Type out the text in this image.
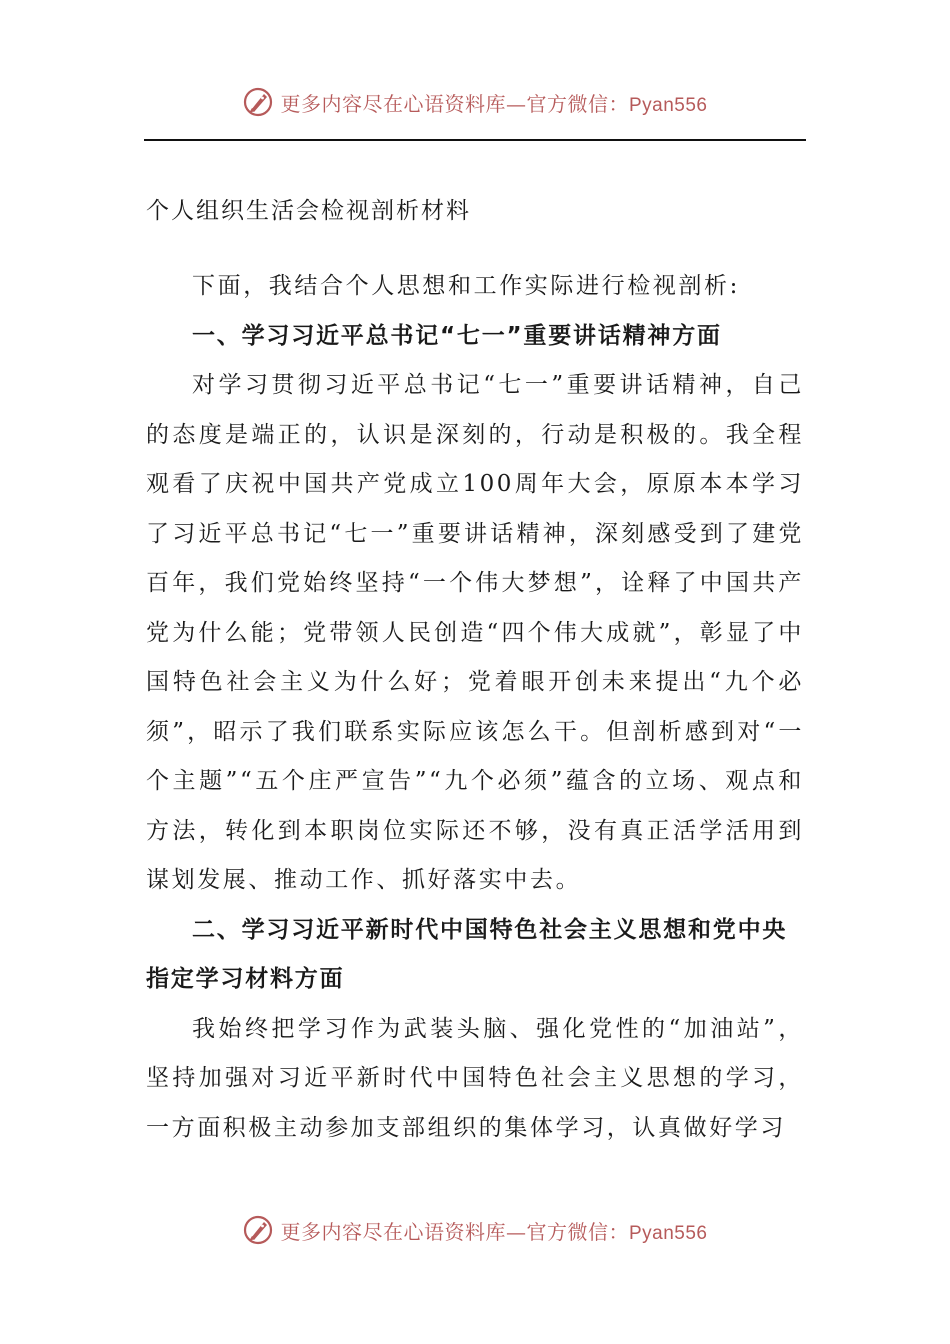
更多内容尽在心语资料库—官方微信：Pyan556
个人组织生活会检视剖析材料

下面，我结合个人思想和工作实际进行检视剖析:

一、学习习近平总书记“七一”重要讲话精神方面

对学习贯彻习近平总书记“七一”重要讲话精神，自己的态度是端正的，认识是深刻的，行动是积极的。我全程观看了庆祝中国共产党成立100周年大会，原原本本学习了习近平总书记“七一”重要讲话精神，深刻感受到了建党百年，我们党始终坚持“一个伟大梦想”，诠释了中国共产党为什么能；党带领人民创造“四个伟大成就”，彰显了中国特色社会主义为什么好；党着眼开创未来提出“九个必须”，昭示了我们联系实际应该怎么干。但剖析感到对“一个主题”“五个庄严宣告”“九个必须”蕴含的立场、观点和方法，转化到本职岗位实际还不够，没有真正活学活用到谋划发展、推动工作、抓好落实中去。

二、学习习近平新时代中国特色社会主义思想和党中央指定学习材料方面

我始终把学习作为武装头脑、强化党性的“加油站”，坚持加强对习近平新时代中国特色社会主义思想的学习，一方面积极主动参加支部组织的集体学习，认真做好学习

更多内容尽在心语资料库—官方微信：Pyan556
